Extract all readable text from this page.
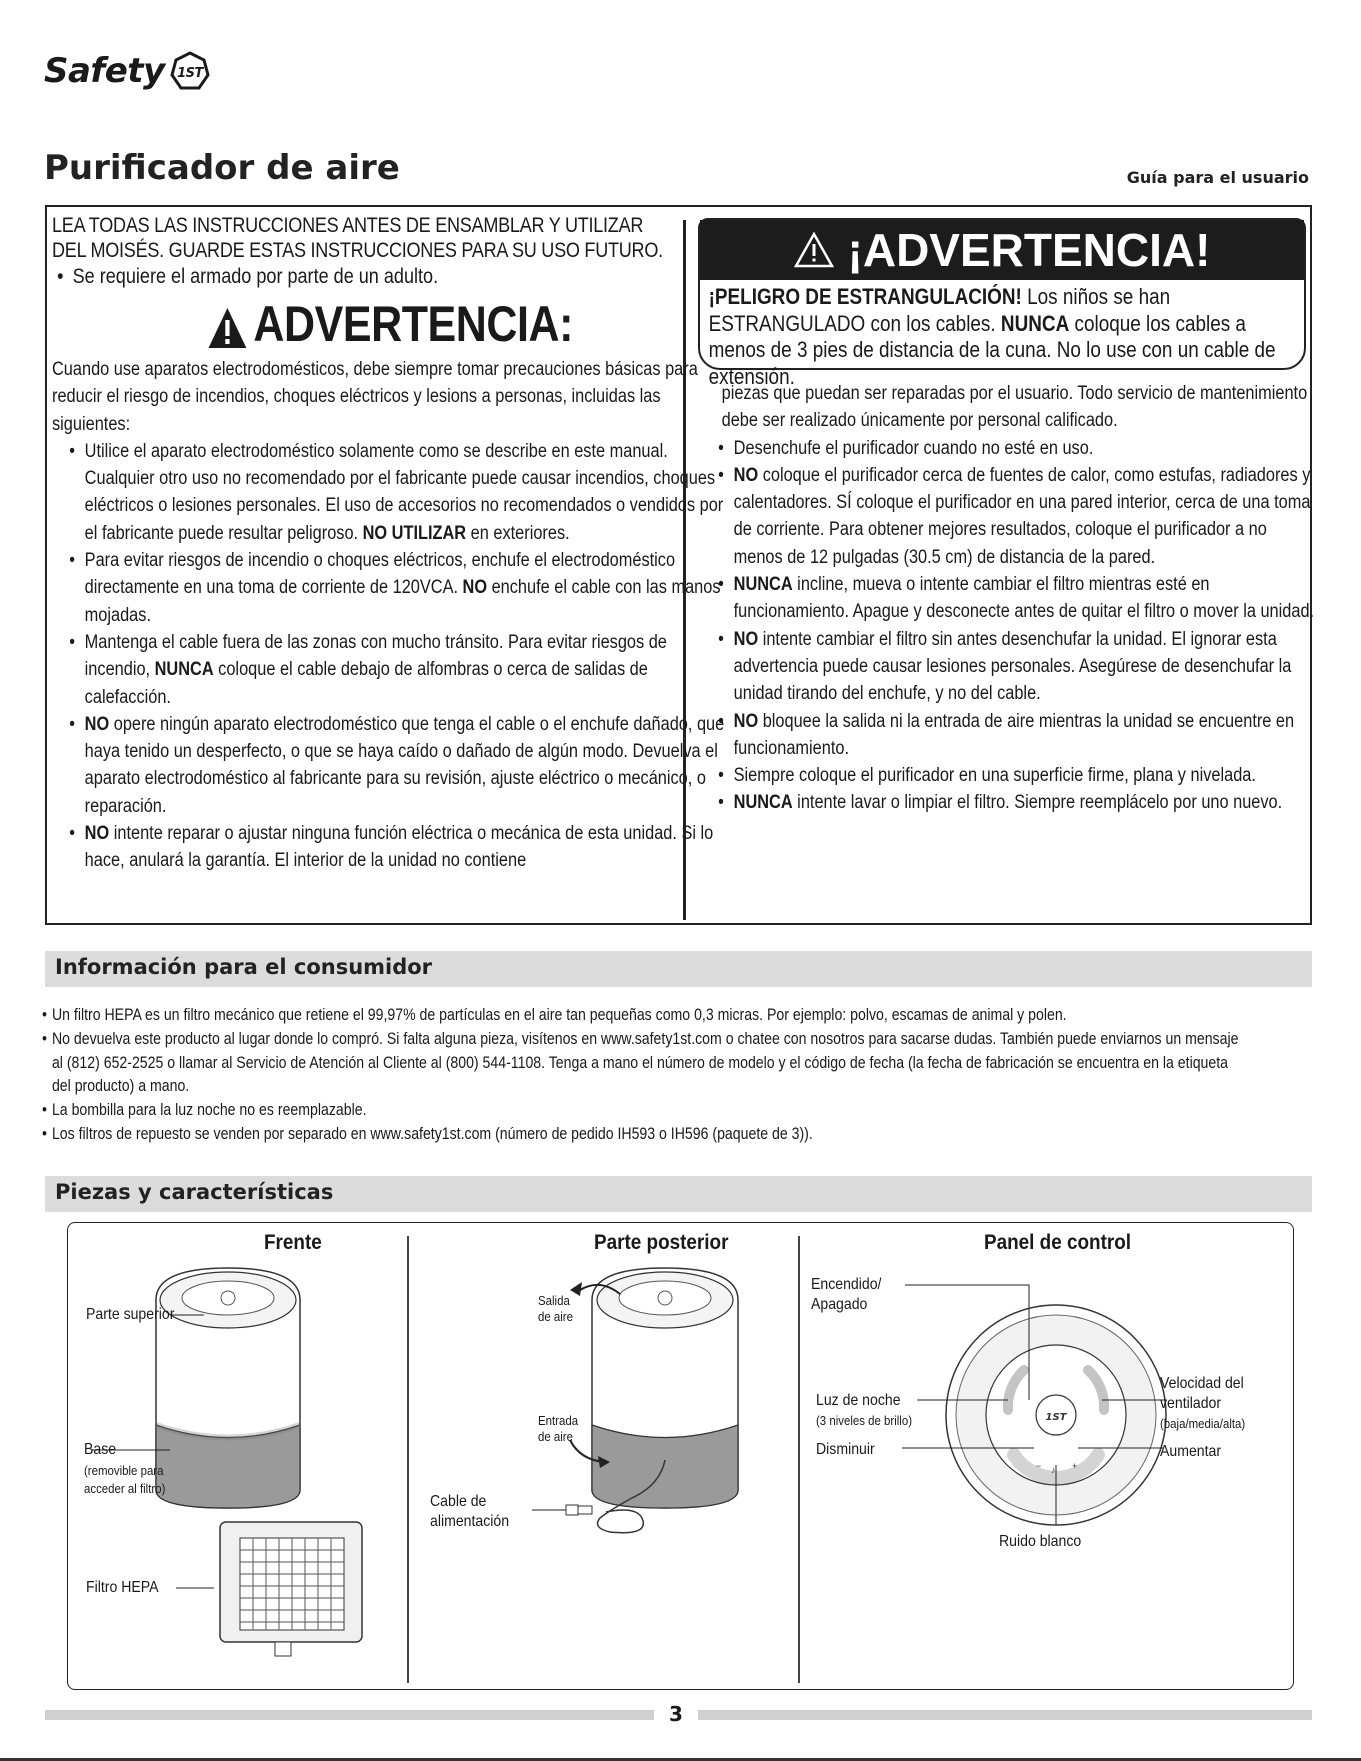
Safety 1ST
Purificador de aire	Guía para el usuario

LEA TODAS LAS INSTRUCCIONES ANTES DE ENSAMBLAR Y UTILIZAR

DEL MOISÉS. GUARDE ESTAS INSTRUCCIONES PARA SU USO FUTURO.

• Se requiere el armado por parte de un adulto.

ADVERTENCIA:

Cuando use aparatos electrodomésticos, debe siempre tomar precauciones básicas para reducir el riesgo de incendios, choques eléctricos y lesions a personas, incluidas las siguientes:

• Utilice el aparato electrodoméstico solamente como se describe en este manual. Cualquier otro uso no recomendado por el fabricante puede causar incendios, choques eléctricos o lesiones personales. El uso de accesorios no recomendados o vendidos por el fabricante puede resultar peligroso. NO UTILIZAR en exteriores.
• Para evitar riesgos de incendio o choques eléctricos, enchufe el electrodoméstico directamente en una toma de corriente de 120VCA. NO enchufe el cable con las manos mojadas.
• Mantenga el cable fuera de las zonas con mucho tránsito. Para evitar riesgos de incendio, NUNCA coloque el cable debajo de alfombras o cerca de salidas de calefacción.
• NO opere ningún aparato electrodoméstico que tenga el cable o el enchufe dañado, que haya tenido un desperfecto, o que se haya caído o dañado de algún modo. Devuelva el aparato electrodoméstico al fabricante para su revisión, ajuste eléctrico o mecánico, o reparación.
• NO intente reparar o ajustar ninguna función eléctrica o mecánica de esta unidad. Si lo hace, anulará la garantía. El interior de la unidad no contiene
¡ADVERTENCIA!
¡PELIGRO DE ESTRANGULACIÓN! Los niños se han ESTRANGULADO con los cables. NUNCA coloque los cables a menos de 3 pies de distancia de la cuna. No lo use con un cable de extensión.

piezas que puedan ser reparadas por el usuario. Todo servicio de mantenimiento debe ser realizado únicamente por personal calificado.

• Desenchufe el purificador cuando no esté en uso.
• NO coloque el purificador cerca de fuentes de calor, como estufas, radiadores y calentadores. SÍ coloque el purificador en una pared interior, cerca de una toma de corriente. Para obtener mejores resultados, coloque el purificador a no menos de 12 pulgadas (30.5 cm) de distancia de la pared.
• NUNCA incline, mueva o intente cambiar el filtro mientras esté en funcionamiento. Apague y desconecte antes de quitar el filtro o mover la unidad.
• NO intente cambiar el filtro sin antes desenchufar la unidad. El ignorar esta advertencia puede causar lesiones personales. Asegúrese de desenchufar la unidad tirando del enchufe, y no del cable.
• NO bloquee la salida ni la entrada de aire mientras la unidad se encuentre en funcionamiento.
• Siempre coloque el purificador en una superficie firme, plana y nivelada.
• NUNCA intente lavar o limpiar el filtro. Siempre reemplácelo por uno nuevo.
Información para el consumidor
• Un filtro HEPA es un filtro mecánico que retiene el 99,97% de partículas en el aire tan pequeñas como 0,3 micras. Por ejemplo: polvo, escamas de animal y polen.
• No devuelva este producto al lugar donde lo compró. Si falta alguna pieza, visítenos en www.safety1st.com o chatee con nosotros para sacarse dudas. También puede enviarnos un mensaje al (812) 652-2525 o llamar al Servicio de Atención al Cliente al (800) 544-1108. Tenga a mano el número de modelo y el código de fecha (la fecha de fabricación se encuentra en la etiqueta del producto) a mano.
• La bombilla para la luz noche no es reemplazable.
• Los filtros de repuesto se venden por separado en www.safety1st.com (número de pedido IH593 o IH596 (paquete de 3)).
Piezas y características
Frente
Parte superior
Base
(removible para
acceder al filtro)
Filtro HEPA
Parte posterior
Salida
de aire
Entrada
de aire
Cable de
alimentación
Panel de control
1ST
−	+
♪
Encendido/
Apagado
Luz de noche
(3 niveles de brillo)
Disminuir
Velocidad del
ventilador
(baja/media/alta)
Aumentar
Ruido blanco
3
